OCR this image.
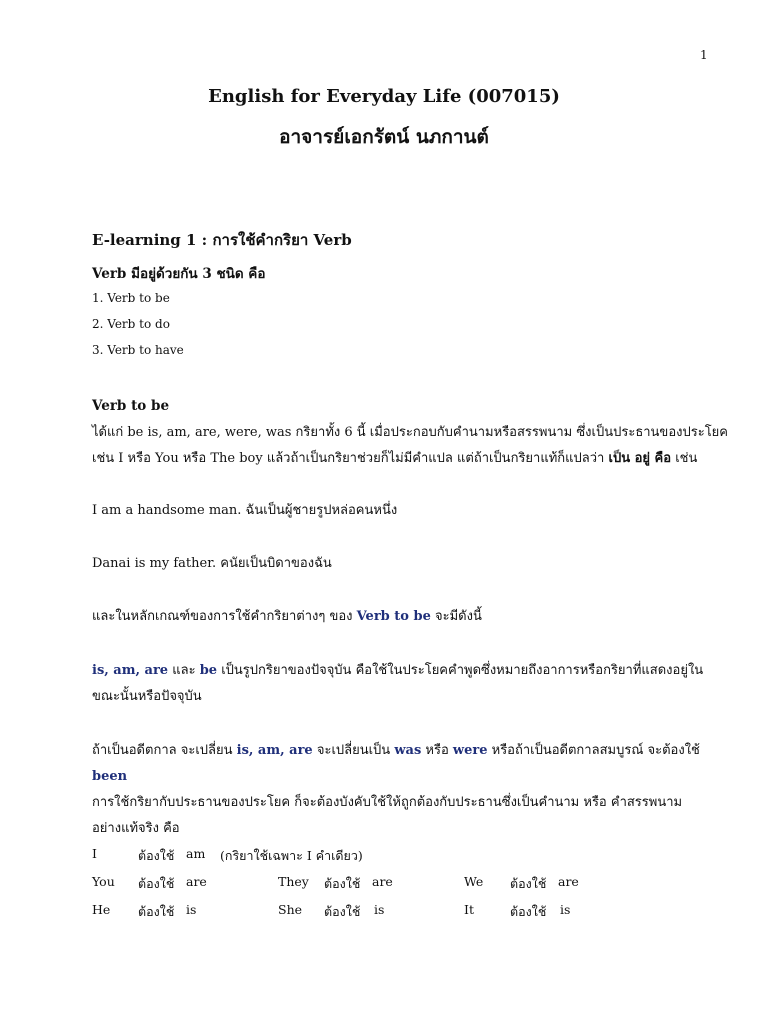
1
English for Everyday Life (007015)
อาจารย์เอกรัตน์ นภกานต์
E-learning 1 : การใช้คำกริยา Verb
Verb มีอยู่ด้วยกัน 3 ชนิด คือ
1. Verb to be
2. Verb to do
3. Verb to have
Verb to be
ได้แก่ be is, am, are, were, was กริยาทั้ง 6 นี้ เมื่อประกอบกับคำนามหรือสรรพนาม ซึ่งเป็นประธานของประโยค
เช่น I หรือ You หรือ The boy แล้วถ้าเป็นกริยาช่วยก็ไม่มีคำแปล แต่ถ้าเป็นกริยาแท้ก็แปลว่า เป็น อยู่ คือ เช่น
I am a handsome man. ฉันเป็นผู้ชายรูปหล่อคนหนึ่ง
Danai is my father. คนัยเป็นบิดาของฉัน
และในหลักเกณฑ์ของการใช้คำกริยาต่างๆ ของ Verb to be จะมีดังนี้
is, am, are และ be เป็นรูปกริยาของปัจจุบัน คือใช้ในประโยคคำพูดซึ่งหมายถึงอาการหรือกริยาที่แสดงอยู่ใน
ขณะนั้นหรือปัจจุบัน
ถ้าเป็นอดีตกาล จะเปลี่ยน is, am, are จะเปลี่ยนเป็น was หรือ were หรือถ้าเป็นอดีตกาลสมบูรณ์ จะต้องใช้ been
การใช้กริยากับประธานของประโยค ก็จะต้องบังคับใช้ให้ถูกต้องกับประธานซึ่งเป็นคำนาม หรือ คำสรรพนาม
อย่างแท้จริง คือ
I	ต้องใช้ am (กริยาใช้เฉพาะ I คำเดียว)
You ต้องใช้ are	They ต้องใช้ are	We ต้องใช้ are
He ต้องใช้ is	She ต้องใช้ is	It	ต้องใช้ is
